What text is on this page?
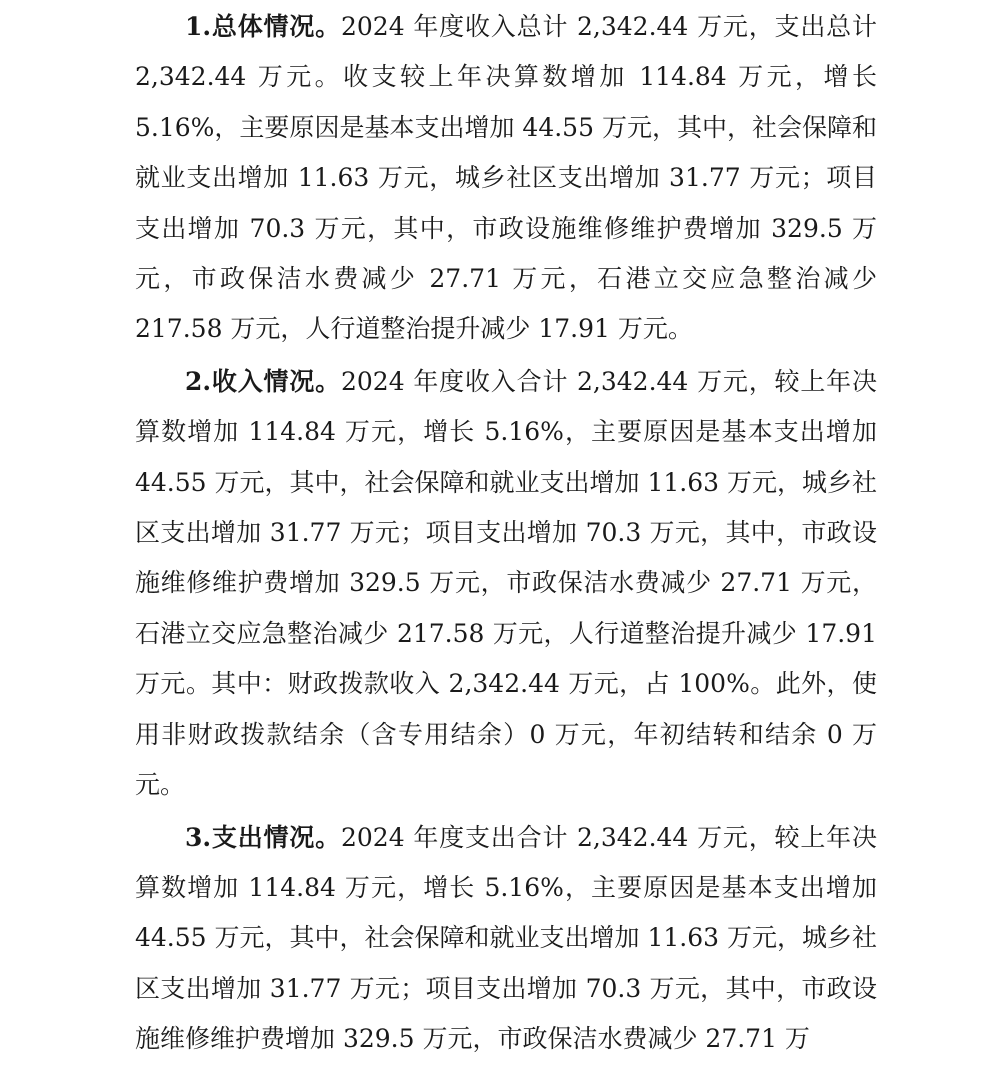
1.总体情况。2024 年度收入总计 2,342.44 万元，支出总计 2,342.44 万元。收支较上年决算数增加 114.84 万元，增长 5.16%，主要原因是基本支出增加 44.55 万元，其中，社会保障和就业支出增加 11.63 万元，城乡社区支出增加 31.77 万元；项目支出增加 70.3 万元，其中，市政设施维修维护费增加 329.5 万元，市政保洁水费减少 27.71 万元，石港立交应急整治减少 217.58 万元，人行道整治提升减少 17.91 万元。

2.收入情况。2024 年度收入合计 2,342.44 万元，较上年决算数增加 114.84 万元，增长 5.16%，主要原因是基本支出增加 44.55 万元，其中，社会保障和就业支出增加 11.63 万元，城乡社区支出增加 31.77 万元；项目支出增加 70.3 万元，其中，市政设施维修维护费增加 329.5 万元，市政保洁水费减少 27.71 万元，石港立交应急整治减少 217.58 万元，人行道整治提升减少 17.91 万元。其中：财政拨款收入 2,342.44 万元，占 100%。此外，使用非财政拨款结余（含专用结余）0 万元，年初结转和结余 0 万元。

3.支出情况。2024 年度支出合计 2,342.44 万元，较上年决算数增加 114.84 万元，增长 5.16%，主要原因是基本支出增加 44.55 万元，其中，社会保障和就业支出增加 11.63 万元，城乡社区支出增加 31.77 万元；项目支出增加 70.3 万元，其中，市政设施维修维护费增加 329.5 万元，市政保洁水费减少 27.71 万
